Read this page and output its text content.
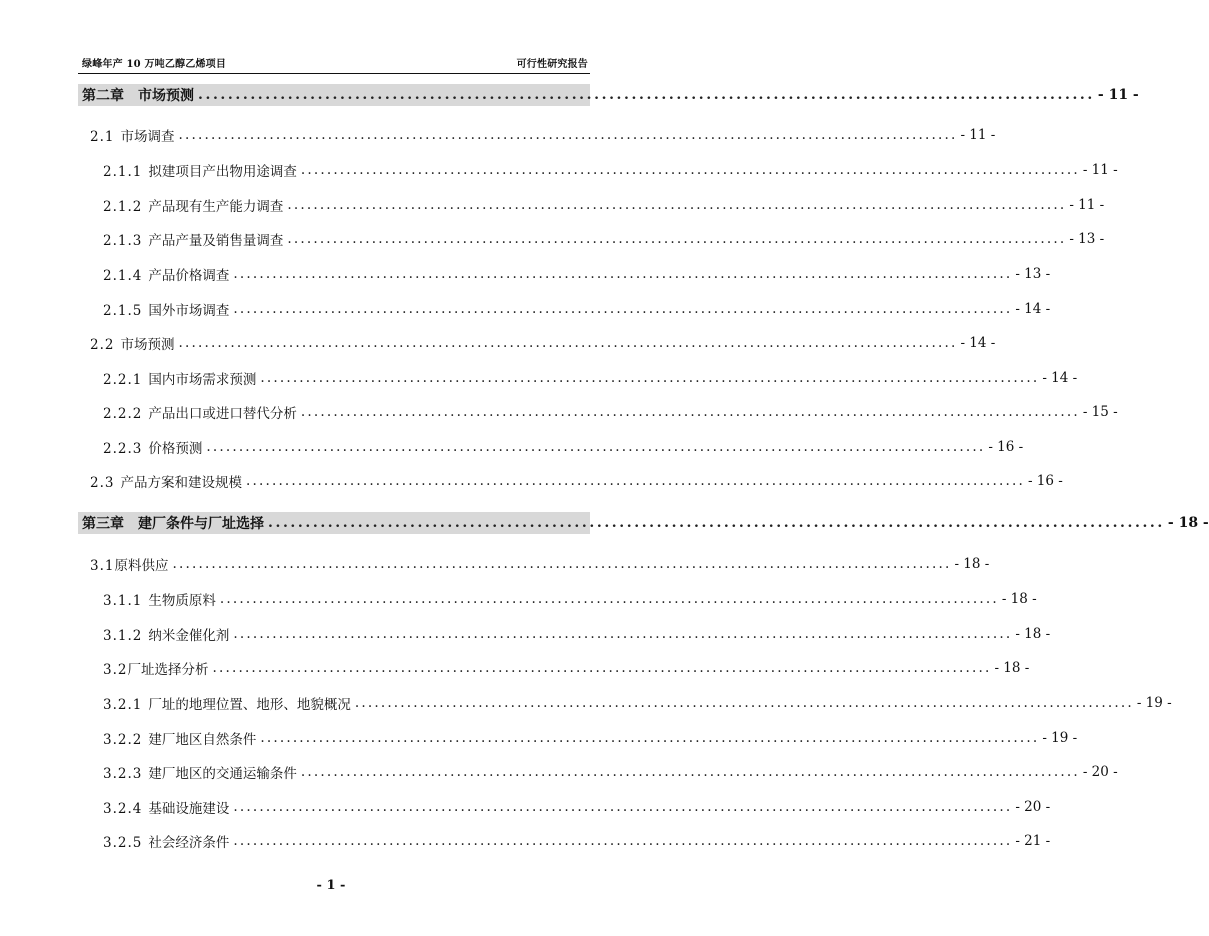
绿峰年产 10 万吨乙醇乙烯项目	可行性研究报告
第二章 市场预测 ........................................................................................................................ - 11 -
2.1 市场调查 ........................................................................................................................ - 11 -
2.1.1 拟建项目产出物用途调查 ........................................................................................................................ - 11 -
2.1.2 产品现有生产能力调查 ........................................................................................................................ - 11 -
2.1.3 产品产量及销售量调查 ........................................................................................................................ - 13 -
2.1.4 产品价格调查 ........................................................................................................................ - 13 -
2.1.5 国外市场调查 ........................................................................................................................ - 14 -
2.2 市场预测 ........................................................................................................................ - 14 -
2.2.1 国内市场需求预测 ........................................................................................................................ - 14 -
2.2.2 产品出口或进口替代分析 ........................................................................................................................ - 15 -
2.2.3 价格预测 ........................................................................................................................ - 16 -
2.3 产品方案和建设规模 ........................................................................................................................ - 16 -
第三章 建厂条件与厂址选择 ........................................................................................................................ - 18 -
3.1原料供应 ........................................................................................................................ - 18 -
3.1.1 生物质原料 ........................................................................................................................ - 18 -
3.1.2 纳米金催化剂 ........................................................................................................................ - 18 -
3.2厂址选择分析 ........................................................................................................................ - 18 -
3.2.1 厂址的地理位置、地形、地貌概况 ........................................................................................................................ - 19 -
3.2.2 建厂地区自然条件 ........................................................................................................................ - 19 -
3.2.3 建厂地区的交通运输条件 ........................................................................................................................ - 20 -
3.2.4 基础设施建设 ........................................................................................................................ - 20 -
3.2.5 社会经济条件 ........................................................................................................................ - 21 -
- 1 -
